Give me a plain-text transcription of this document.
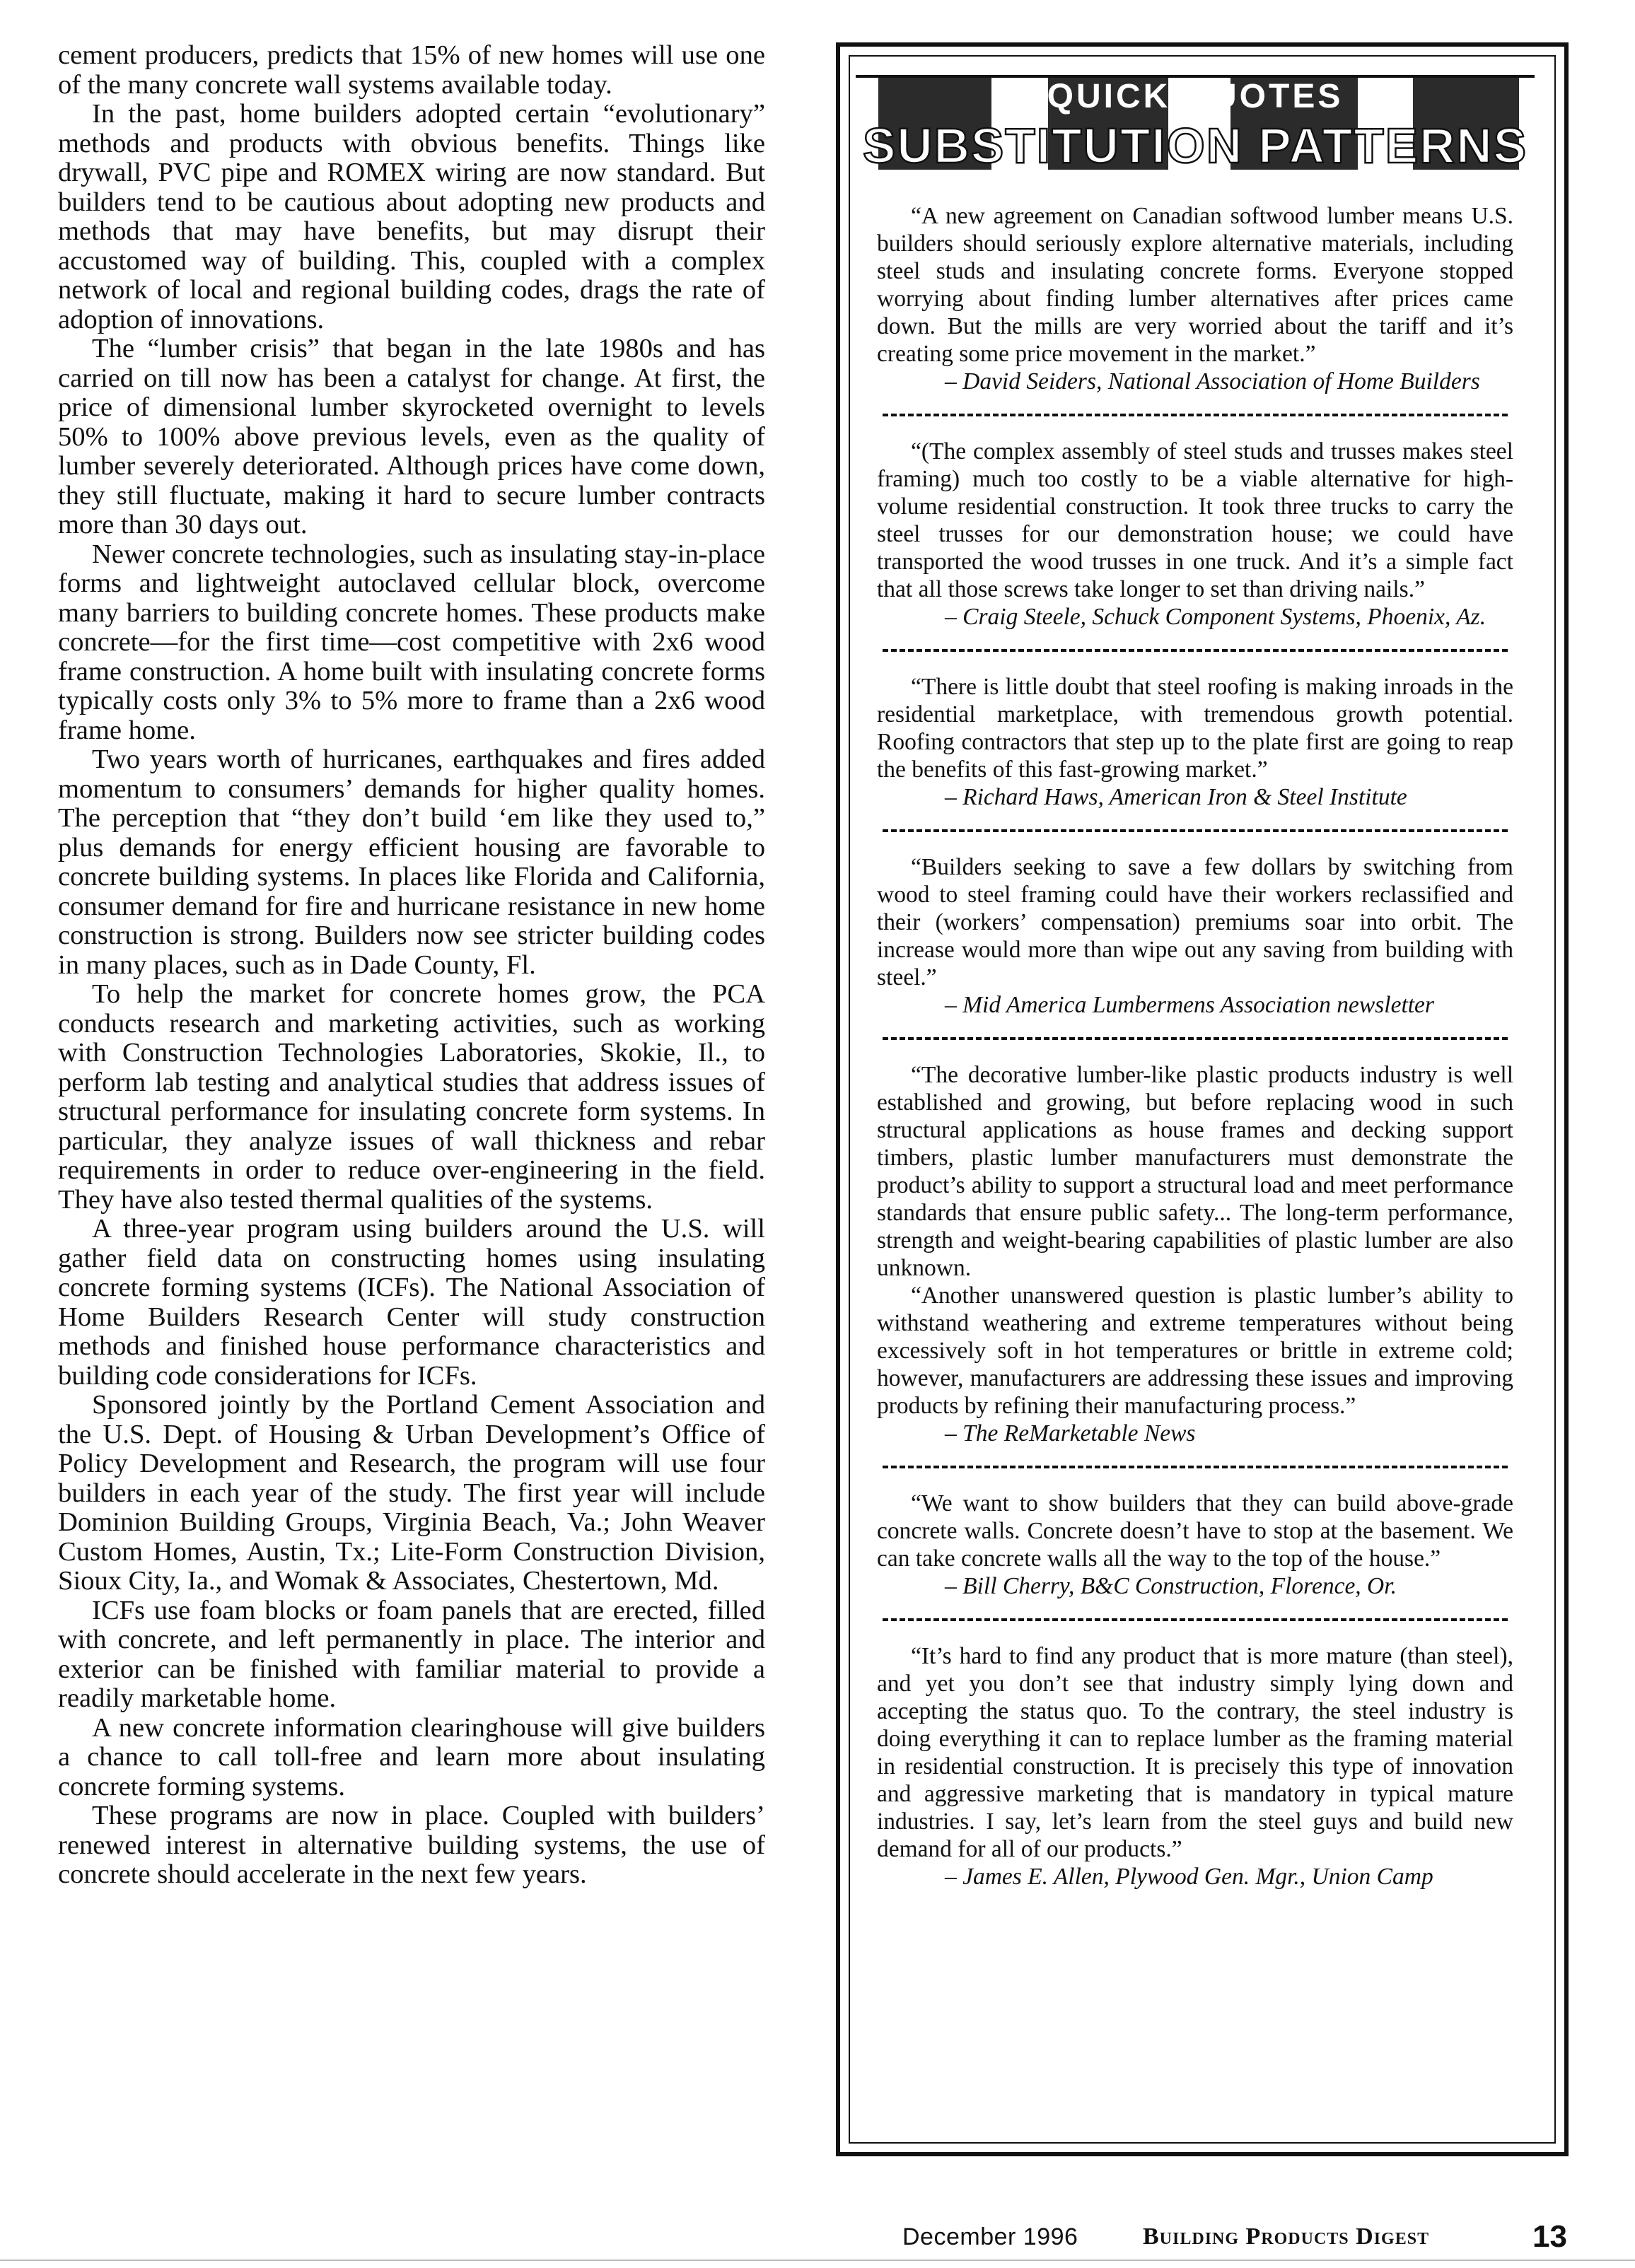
cement producers, predicts that 15% of new homes will use one of the many concrete wall systems available today.

In the past, home builders adopted certain “evolutionary” methods and products with obvious benefits. Things like drywall, PVC pipe and ROMEX wiring are now standard. But builders tend to be cautious about adopting new products and methods that may have benefits, but may disrupt their accustomed way of building. This, coupled with a complex network of local and regional building codes, drags the rate of adoption of innovations.

The “lumber crisis” that began in the late 1980s and has carried on till now has been a catalyst for change. At first, the price of dimensional lumber skyrocketed overnight to levels 50% to 100% above previous levels, even as the quality of lumber severely deteriorated. Although prices have come down, they still fluctuate, making it hard to secure lumber contracts more than 30 days out.

Newer concrete technologies, such as insulating stay-in-place forms and lightweight autoclaved cellular block, overcome many barriers to building concrete homes. These products make concrete—for the first time—cost competitive with 2x6 wood frame construction. A home built with insulating concrete forms typically costs only 3% to 5% more to frame than a 2x6 wood frame home.

Two years worth of hurricanes, earthquakes and fires added momentum to consumers’ demands for higher quality homes. The perception that “they don’t build ‘em like they used to,” plus demands for energy efficient housing are favorable to concrete building systems. In places like Florida and California, consumer demand for fire and hurricane resistance in new home construction is strong. Builders now see stricter building codes in many places, such as in Dade County, Fl.

To help the market for concrete homes grow, the PCA conducts research and marketing activities, such as working with Construction Technologies Laboratories, Skokie, Il., to perform lab testing and analytical studies that address issues of structural performance for insulating concrete form systems. In particular, they analyze issues of wall thickness and rebar requirements in order to reduce over-engineering in the field. They have also tested thermal qualities of the systems.

A three-year program using builders around the U.S. will gather field data on constructing homes using insulating concrete forming systems (ICFs). The National Association of Home Builders Research Center will study construction methods and finished house performance characteristics and building code considerations for ICFs.

Sponsored jointly by the Portland Cement Association and the U.S. Dept. of Housing & Urban Development’s Office of Policy Development and Research, the program will use four builders in each year of the study. The first year will include Dominion Building Groups, Virginia Beach, Va.; John Weaver Custom Homes, Austin, Tx.; Lite-Form Construction Division, Sioux City, Ia., and Womak & Associates, Chestertown, Md.

ICFs use foam blocks or foam panels that are erected, filled with concrete, and left permanently in place. The interior and exterior can be finished with familiar material to provide a readily marketable home.

A new concrete information clearinghouse will give builders a chance to call toll-free and learn more about insulating concrete forming systems.

These programs are now in place. Coupled with builders’ renewed interest in alternative building systems, the use of concrete should accelerate in the next few years.

QUICK QUOTES
SUBSTITUTION PATTERNS

“A new agreement on Canadian softwood lumber means U.S. builders should seriously explore alternative materials, including steel studs and insulating concrete forms. Everyone stopped worrying about finding lumber alternatives after prices came down. But the mills are very worried about the tariff and it’s creating some price movement in the market.”

– David Seiders, National Association of Home Builders

“(The complex assembly of steel studs and trusses makes steel framing) much too costly to be a viable alternative for high-volume residential construction. It took three trucks to carry the steel trusses for our demonstration house; we could have transported the wood trusses in one truck. And it’s a simple fact that all those screws take longer to set than driving nails.”

– Craig Steele, Schuck Component Systems, Phoenix, Az.

“There is little doubt that steel roofing is making inroads in the residential marketplace, with tremendous growth potential. Roofing contractors that step up to the plate first are going to reap the benefits of this fast-growing market.”

– Richard Haws, American Iron & Steel Institute

“Builders seeking to save a few dollars by switching from wood to steel framing could have their workers reclassified and their (workers’ compensation) premiums soar into orbit. The increase would more than wipe out any saving from building with steel.”

– Mid America Lumbermens Association newsletter

“The decorative lumber-like plastic products industry is well established and growing, but before replacing wood in such structural applications as house frames and decking support timbers, plastic lumber manufacturers must demonstrate the product’s ability to support a structural load and meet performance standards that ensure public safety... The long-term performance, strength and weight-bearing capabilities of plastic lumber are also unknown.

“Another unanswered question is plastic lumber’s ability to withstand weathering and extreme temperatures without being excessively soft in hot temperatures or brittle in extreme cold; however, manufacturers are addressing these issues and improving products by refining their manufacturing process.”

– The ReMarketable News

“We want to show builders that they can build above-grade concrete walls. Concrete doesn’t have to stop at the basement. We can take concrete walls all the way to the top of the house.”

– Bill Cherry, B&C Construction, Florence, Or.

“It’s hard to find any product that is more mature (than steel), and yet you don’t see that industry simply lying down and accepting the status quo. To the contrary, the steel industry is doing everything it can to replace lumber as the framing material in residential construction. It is precisely this type of innovation and aggressive marketing that is mandatory in typical mature industries. I say, let’s learn from the steel guys and build new demand for all of our products.”

– James E. Allen, Plywood Gen. Mgr., Union Camp

December 1996	Building Products Digest	13
